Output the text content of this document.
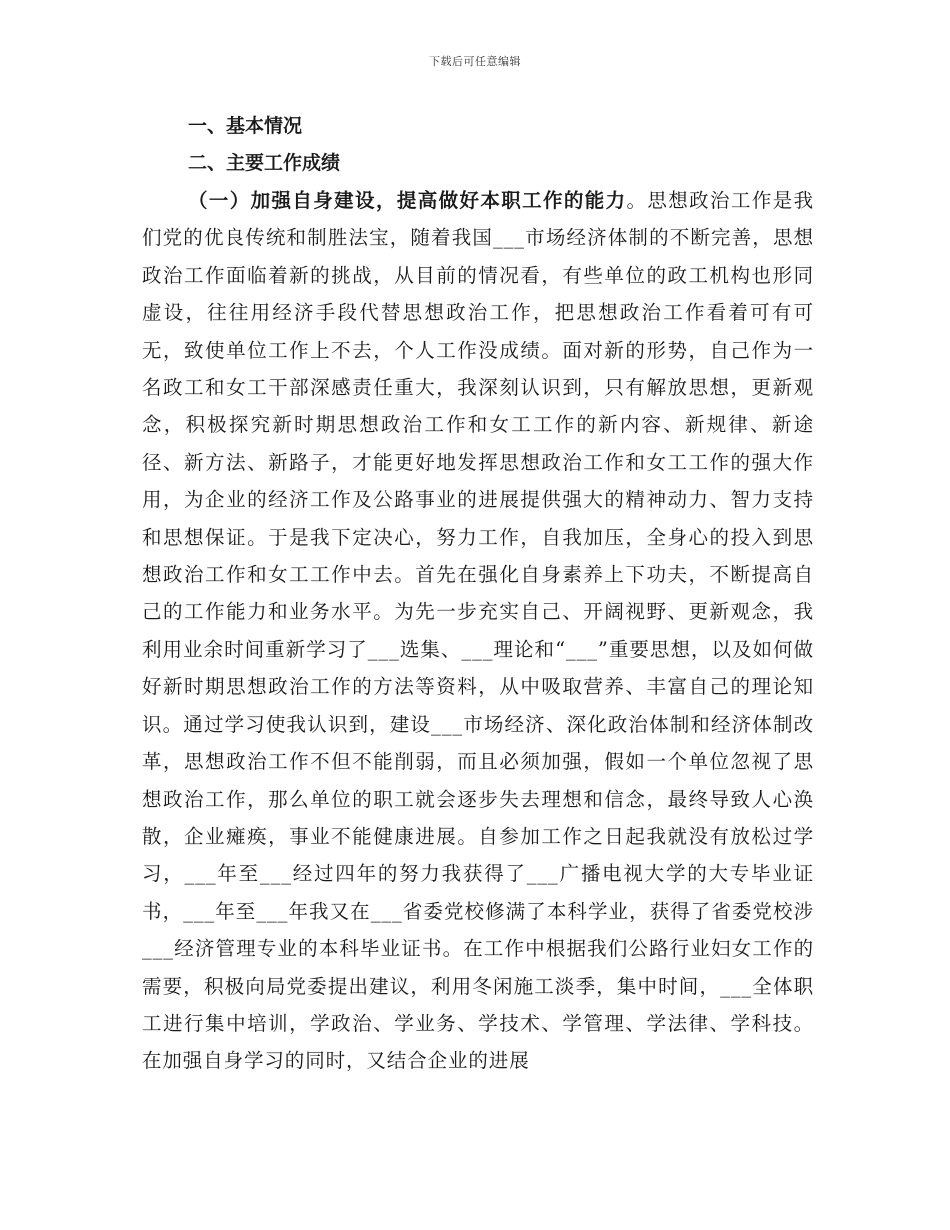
下载后可任意编辑

一、基本情况

二、主要工作成绩

（一）加强自身建设，提高做好本职工作的能力。思想政治工作是我们党的优良传统和制胜法宝，随着我国___市场经济体制的不断完善，思想政治工作面临着新的挑战，从目前的情况看，有些单位的政工机构也形同虚设，往往用经济手段代替思想政治工作，把思想政治工作看着可有可无，致使单位工作上不去，个人工作没成绩。面对新的形势，自己作为一名政工和女工干部深感责任重大，我深刻认识到，只有解放思想，更新观念，积极探究新时期思想政治工作和女工工作的新内容、新规律、新途径、新方法、新路子，才能更好地发挥思想政治工作和女工工作的强大作用，为企业的经济工作及公路事业的进展提供强大的精神动力、智力支持和思想保证。于是我下定决心，努力工作，自我加压，全身心的投入到思想政治工作和女工工作中去。首先在强化自身素养上下功夫，不断提高自己的工作能力和业务水平。为先一步充实自己、开阔视野、更新观念，我利用业余时间重新学习了___选集、___理论和“___”重要思想，以及如何做好新时期思想政治工作的方法等资料，从中吸取营养、丰富自己的理论知识。通过学习使我认识到，建设___市场经济、深化政治体制和经济体制改革，思想政治工作不但不能削弱，而且必须加强，假如一个单位忽视了思想政治工作，那么单位的职工就会逐步失去理想和信念，最终导致人心涣散，企业瘫痪，事业不能健康进展。自参加工作之日起我就没有放松过学习，___年至___经过四年的努力我获得了___广播电视大学的大专毕业证书，___年至___年我又在___省委党校修满了本科学业，获得了省委党校涉___经济管理专业的本科毕业证书。在工作中根据我们公路行业妇女工作的需要，积极向局党委提出建议，利用冬闲施工淡季，集中时间，___全体职工进行集中培训，学政治、学业务、学技术、学管理、学法律、学科技。在加强自身学习的同时，又结合企业的进展
